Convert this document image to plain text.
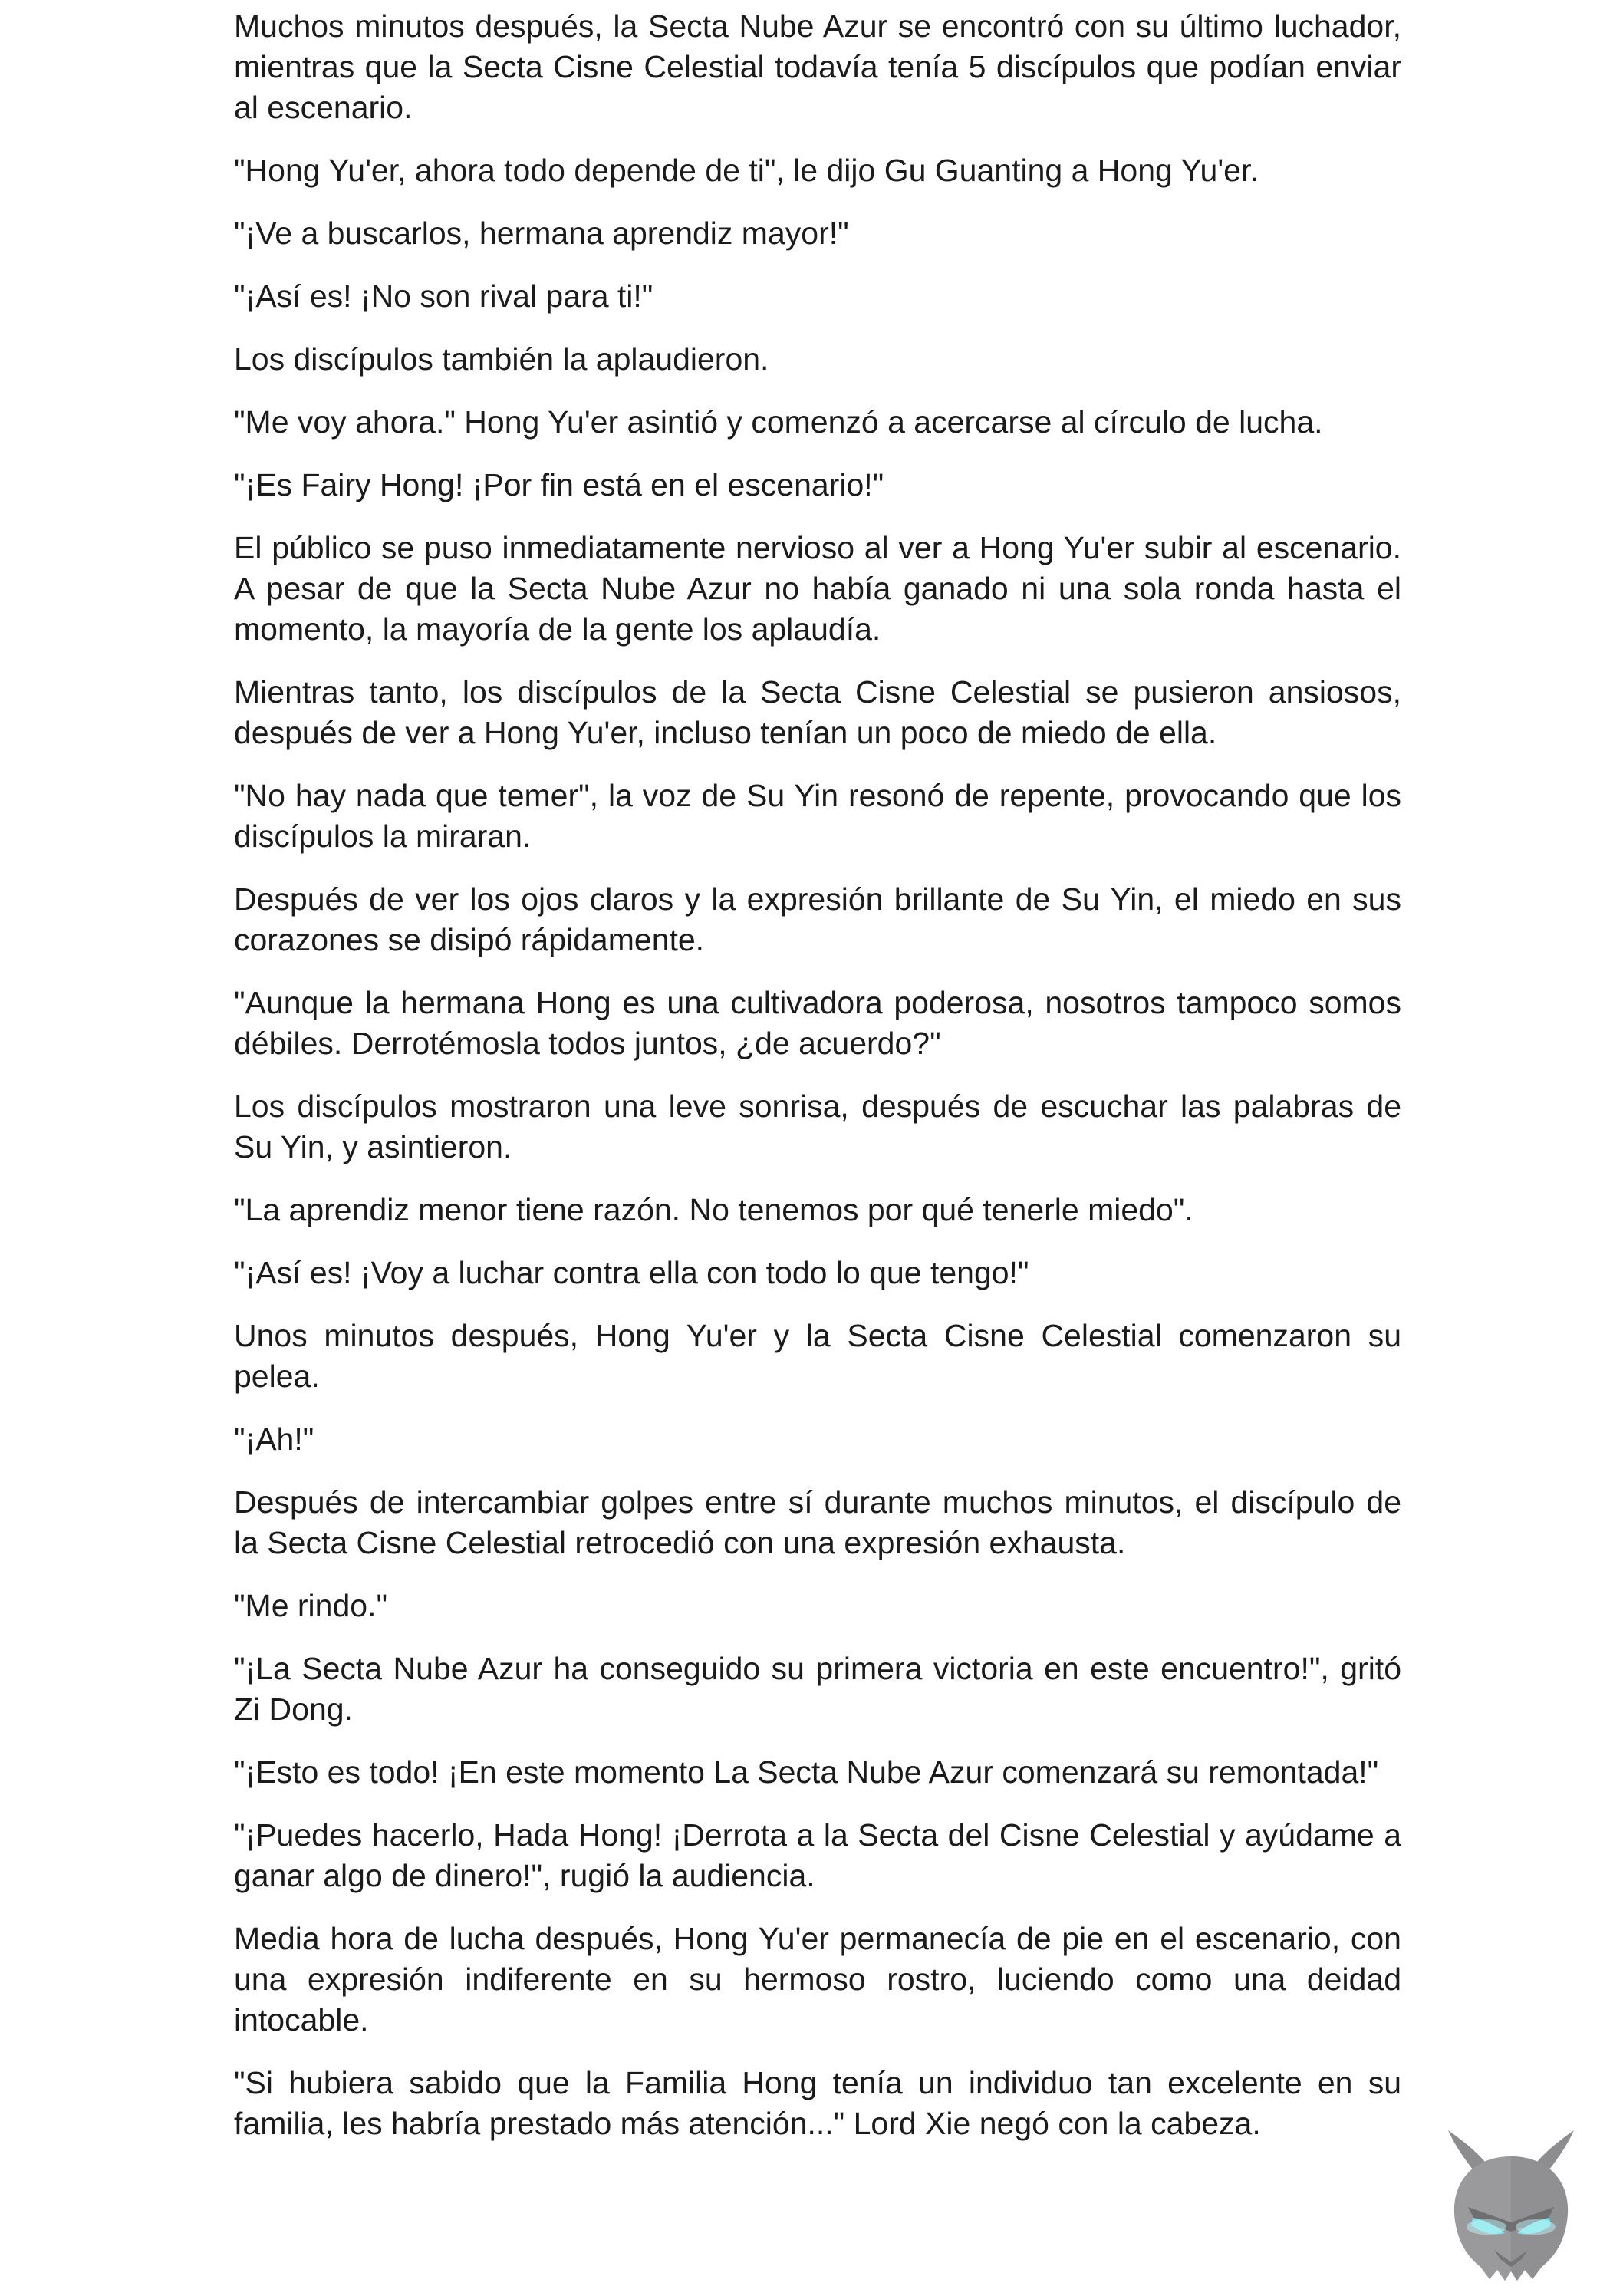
Muchos minutos después, la Secta Nube Azur se encontró con su último luchador, mientras que la Secta Cisne Celestial todavía tenía 5 discípulos que podían enviar al escenario.

"Hong Yu'er, ahora todo depende de ti", le dijo Gu Guanting a Hong Yu'er.

"¡Ve a buscarlos, hermana aprendiz mayor!"

"¡Así es! ¡No son rival para ti!"

Los discípulos también la aplaudieron.

"Me voy ahora." Hong Yu'er asintió y comenzó a acercarse al círculo de lucha.

"¡Es Fairy Hong! ¡Por fin está en el escenario!"

El público se puso inmediatamente nervioso al ver a Hong Yu'er subir al escenario. A pesar de que la Secta Nube Azur no había ganado ni una sola ronda hasta el momento, la mayoría de la gente los aplaudía.

Mientras tanto, los discípulos de la Secta Cisne Celestial se pusieron ansiosos, después de ver a Hong Yu'er, incluso tenían un poco de miedo de ella.

"No hay nada que temer", la voz de Su Yin resonó de repente, provocando que los discípulos la miraran.

Después de ver los ojos claros y la expresión brillante de Su Yin, el miedo en sus corazones se disipó rápidamente.

"Aunque la hermana Hong es una cultivadora poderosa, nosotros tampoco somos débiles. Derrotémosla todos juntos, ¿de acuerdo?"

Los discípulos mostraron una leve sonrisa, después de escuchar las palabras de Su Yin, y asintieron.

"La aprendiz menor tiene razón. No tenemos por qué tenerle miedo".

"¡Así es! ¡Voy a luchar contra ella con todo lo que tengo!"

Unos minutos después, Hong Yu'er y la Secta Cisne Celestial comenzaron su pelea.

"¡Ah!"

Después de intercambiar golpes entre sí durante muchos minutos, el discípulo de la Secta Cisne Celestial retrocedió con una expresión exhausta.

"Me rindo."

"¡La Secta Nube Azur ha conseguido su primera victoria en este encuentro!", gritó Zi Dong.

"¡Esto es todo! ¡En este momento La Secta Nube Azur comenzará su remontada!"

"¡Puedes hacerlo, Hada Hong! ¡Derrota a la Secta del Cisne Celestial y ayúdame a ganar algo de dinero!", rugió la audiencia.

Media hora de lucha después, Hong Yu'er permanecía de pie en el escenario, con una expresión indiferente en su hermoso rostro, luciendo como una deidad intocable.

"Si hubiera sabido que la Familia Hong tenía un individuo tan excelente en su familia, les habría prestado más atención..." Lord Xie negó con la cabeza.
